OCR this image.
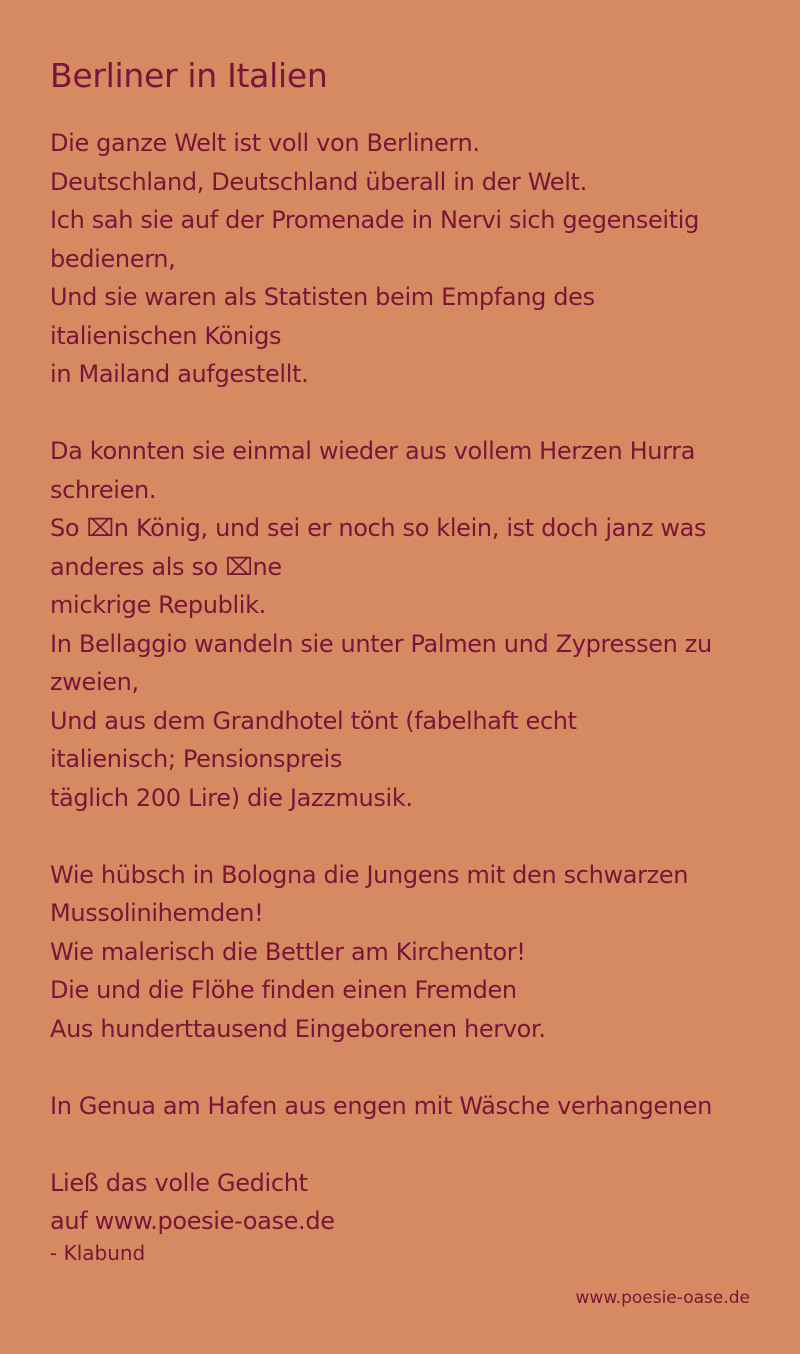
Berliner in Italien
Die ganze Welt ist voll von Berlinern.
Deutschland, Deutschland überall in der Welt.
Ich sah sie auf der Promenade in Nervi sich gegenseitig
bedienern,
Und sie waren als Statisten beim Empfang des
italienischen Königs
in Mailand aufgestellt.
Da konnten sie einmal wieder aus vollem Herzen Hurra
schreien.
So ⌧n König, und sei er noch so klein, ist doch janz was
anderes als so ⌧ne
mickrige Republik.
In Bellaggio wandeln sie unter Palmen und Zypressen zu
zweien,
Und aus dem Grandhotel tönt (fabelhaft echt
italienisch; Pensionspreis
täglich 200 Lire) die Jazzmusik.
Wie hübsch in Bologna die Jungens mit den schwarzen
Mussolinihemden!
Wie malerisch die Bettler am Kirchentor!
Die und die Flöhe finden einen Fremden
Aus hunderttausend Eingeborenen hervor.
In Genua am Hafen aus engen mit Wäsche verhangenen
Ließ das volle Gedicht
auf www.poesie-oase.de
- Klabund
www.poesie-oase.de
